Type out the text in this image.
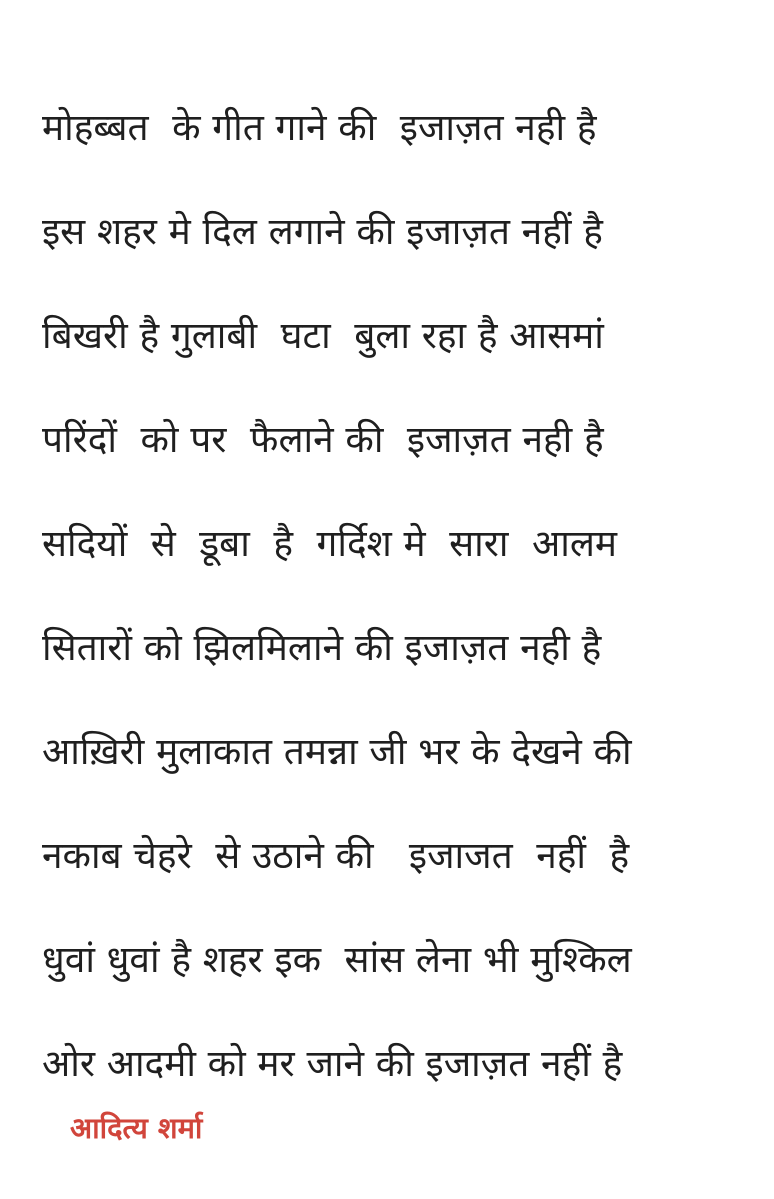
मोहब्बत  के गीत गाने की  इजाज़त नही है
इस शहर मे दिल लगाने की इजाज़त नहीं है
बिखरी है गुलाबी  घटा  बुला रहा है आसमां
परिंदों  को पर  फैलाने की  इजाज़त नही है
सदियों  से  डूबा  है  गर्दिश मे  सारा  आलम
सितारों को झिलमिलाने की इजाज़त नही है
आख़िरी मुलाकात तमन्ना जी भर के देखने की
नकाब चेहरे  से उठाने की   इजाजत  नहीं  है
धुवां धुवां है शहर इक  सांस लेना भी मुश्किल
ओर आदमी को मर जाने की इजाज़त नहीं है
आदित्य शर्मा
